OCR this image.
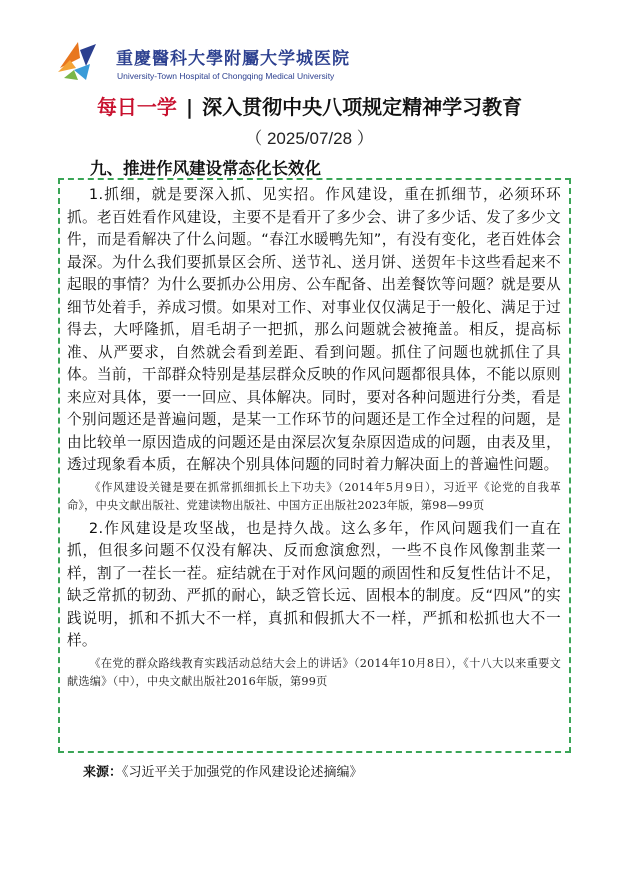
重慶醫科大學附屬大学城医院
University-Town Hospital of Chongqing Medical University
每日一学 | 深入贯彻中央八项规定精神学习教育
（ 2025/07/28 ）
九、推进作风建设常态化长效化

1.抓细，就是要深入抓、见实招。作风建设，重在抓细节，必须环环抓。老百姓看作风建设，主要不是看开了多少会、讲了多少话、发了多少文件，而是看解决了什么问题。“春江水暖鸭先知”，有没有变化，老百姓体会最深。为什么我们要抓景区会所、送节礼、送月饼、送贺年卡这些看起来不起眼的事情？为什么要抓办公用房、公车配备、出差餐饮等问题？就是要从细节处着手，养成习惯。如果对工作、对事业仅仅满足于一般化、满足于过得去，大呼隆抓，眉毛胡子一把抓，那么问题就会被掩盖。相反，提高标准、从严要求，自然就会看到差距、看到问题。抓住了问题也就抓住了具体。当前，干部群众特别是基层群众反映的作风问题都很具体，不能以原则来应对具体，要一一回应、具体解决。同时，要对各种问题进行分类，看是个别问题还是普遍问题，是某一工作环节的问题还是工作全过程的问题，是由比较单一原因造成的问题还是由深层次复杂原因造成的问题，由表及里，透过现象看本质，在解决个别具体问题的同时着力解决面上的普遍性问题。

《作风建设关键是要在抓常抓细抓长上下功夫》（2014年5月9日），习近平《论党的自我革命》，中央文献出版社、党建读物出版社、中国方正出版社2023年版，第98—99页

2.作风建设是攻坚战，也是持久战。这么多年，作风问题我们一直在抓，但很多问题不仅没有解决、反而愈演愈烈，一些不良作风像割韭菜一样，割了一茬长一茬。症结就在于对作风问题的顽固性和反复性估计不足，缺乏常抓的韧劲、严抓的耐心，缺乏管长远、固根本的制度。反“四风”的实践说明，抓和不抓大不一样，真抓和假抓大不一样，严抓和松抓也大不一样。

《在党的群众路线教育实践活动总结大会上的讲话》（2014年10月8日），《十八大以来重要文献选编》（中），中央文献出版社2016年版，第99页

来源：《习近平关于加强党的作风建设论述摘编》
